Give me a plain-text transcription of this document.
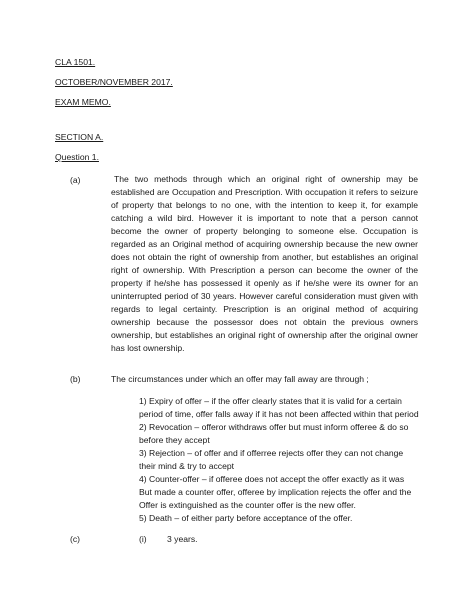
CLA 1501.
OCTOBER/NOVEMBER 2017.
EXAM MEMO.
SECTION A.
Question 1.
(a)	The two methods through which an original right of ownership may be established are Occupation and Prescription. With occupation it refers to seizure of property that belongs to no one, with the intention to keep it, for example catching a wild bird. However it is important to note that a person cannot become the owner of property belonging to someone else. Occupation is regarded as an Original method of acquiring ownership because the new owner does not obtain the right of ownership from another, but establishes an original right of ownership. With Prescription a person can become the owner of the property if he/she has possessed it openly as if he/she were its owner for an uninterrupted period of 30 years. However careful consideration must given with regards to legal certainty. Prescription is an original method of acquiring ownership because the possessor does not obtain the previous owners ownership, but establishes an original right of ownership after the original owner has lost ownership.
(b)	The circumstances under which an offer may fall away are through ;
1) Expiry of offer – if the offer clearly states that it is valid for a certain
period of time, offer falls away if it has not been affected within that period
2) Revocation – offeror withdraws offer but must inform offeree & do so
before they accept
3) Rejection – of offer and if offerree rejects offer they can not change
their mind & try to accept
4) Counter-offer – if offeree does not accept the offer exactly as it was
But made a counter offer, offeree by implication rejects the offer and the
Offer is extinguished as the counter offer is the new offer.
5) Death – of either party before acceptance of the offer.
(c)	(i) 3 years.
